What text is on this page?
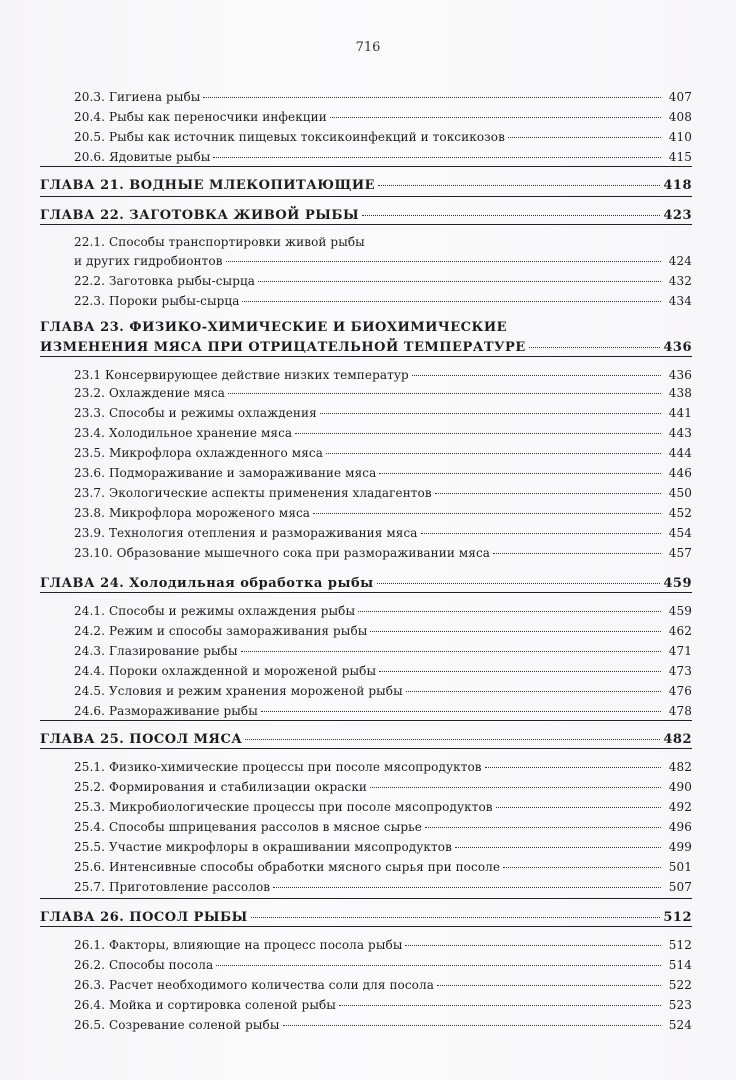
716
20.3. Гигиена рыбы	407
20.4. Рыбы как переносчики инфекции	408
20.5. Рыбы как источник пищевых токсикоинфекций и токсикозов	410
20.6. Ядовитые рыбы	415
ГЛАВА 21. ВОДНЫЕ МЛЕКОПИТАЮЩИЕ	418
ГЛАВА 22. ЗАГОТОВКА ЖИВОЙ РЫБЫ	423
22.1. Способы транспортировки живой рыбы
и других гидробионтов	424
22.2. Заготовка рыбы-сырца	432
22.3. Пороки рыбы-сырца	434
ГЛАВА 23. ФИЗИКО-ХИМИЧЕСКИЕ И БИОХИМИЧЕСКИЕ
ИЗМЕНЕНИЯ МЯСА ПРИ ОТРИЦАТЕЛЬНОЙ ТЕМПЕРАТУРЕ	436
23.1 Консервирующее действие низких температур	436
23.2. Охлаждение мяса	438
23.3. Способы и режимы охлаждения	441
23.4. Холодильное хранение мяса	443
23.5. Микрофлора охлажденного мяса	444
23.6. Подмораживание и замораживание мяса	446
23.7. Экологические аспекты применения хладагентов	450
23.8. Микрофлора мороженого мяса	452
23.9. Технология отепления и размораживания мяса	454
23.10. Образование мышечного сока при размораживании мяса	457
ГЛАВА 24. Холодильная обработка рыбы	459
24.1. Способы и режимы охлаждения рыбы	459
24.2. Режим и способы замораживания рыбы	462
24.3. Глазирование рыбы	471
24.4. Пороки охлажденной и мороженой рыбы	473
24.5. Условия и режим хранения мороженой рыбы	476
24.6. Размораживание рыбы	478
ГЛАВА 25. ПОСОЛ МЯСА	482
25.1. Физико-химические процессы при посоле мясопродуктов	482
25.2. Формирования и стабилизации окраски	490
25.3. Микробиологические процессы при посоле мясопродуктов	492
25.4. Способы шприцевания рассолов в мясное сырье	496
25.5. Участие микрофлоры в окрашивании мясопродуктов	499
25.6. Интенсивные способы обработки мясного сырья при посоле	501
25.7. Приготовление рассолов	507
ГЛАВА 26. ПОСОЛ РЫБЫ	512
26.1. Факторы, влияющие на процесс посола рыбы	512
26.2. Способы посола	514
26.3. Расчет необходимого количества соли для посола	522
26.4. Мойка и сортировка соленой рыбы	523
26.5. Созревание соленой рыбы	524
